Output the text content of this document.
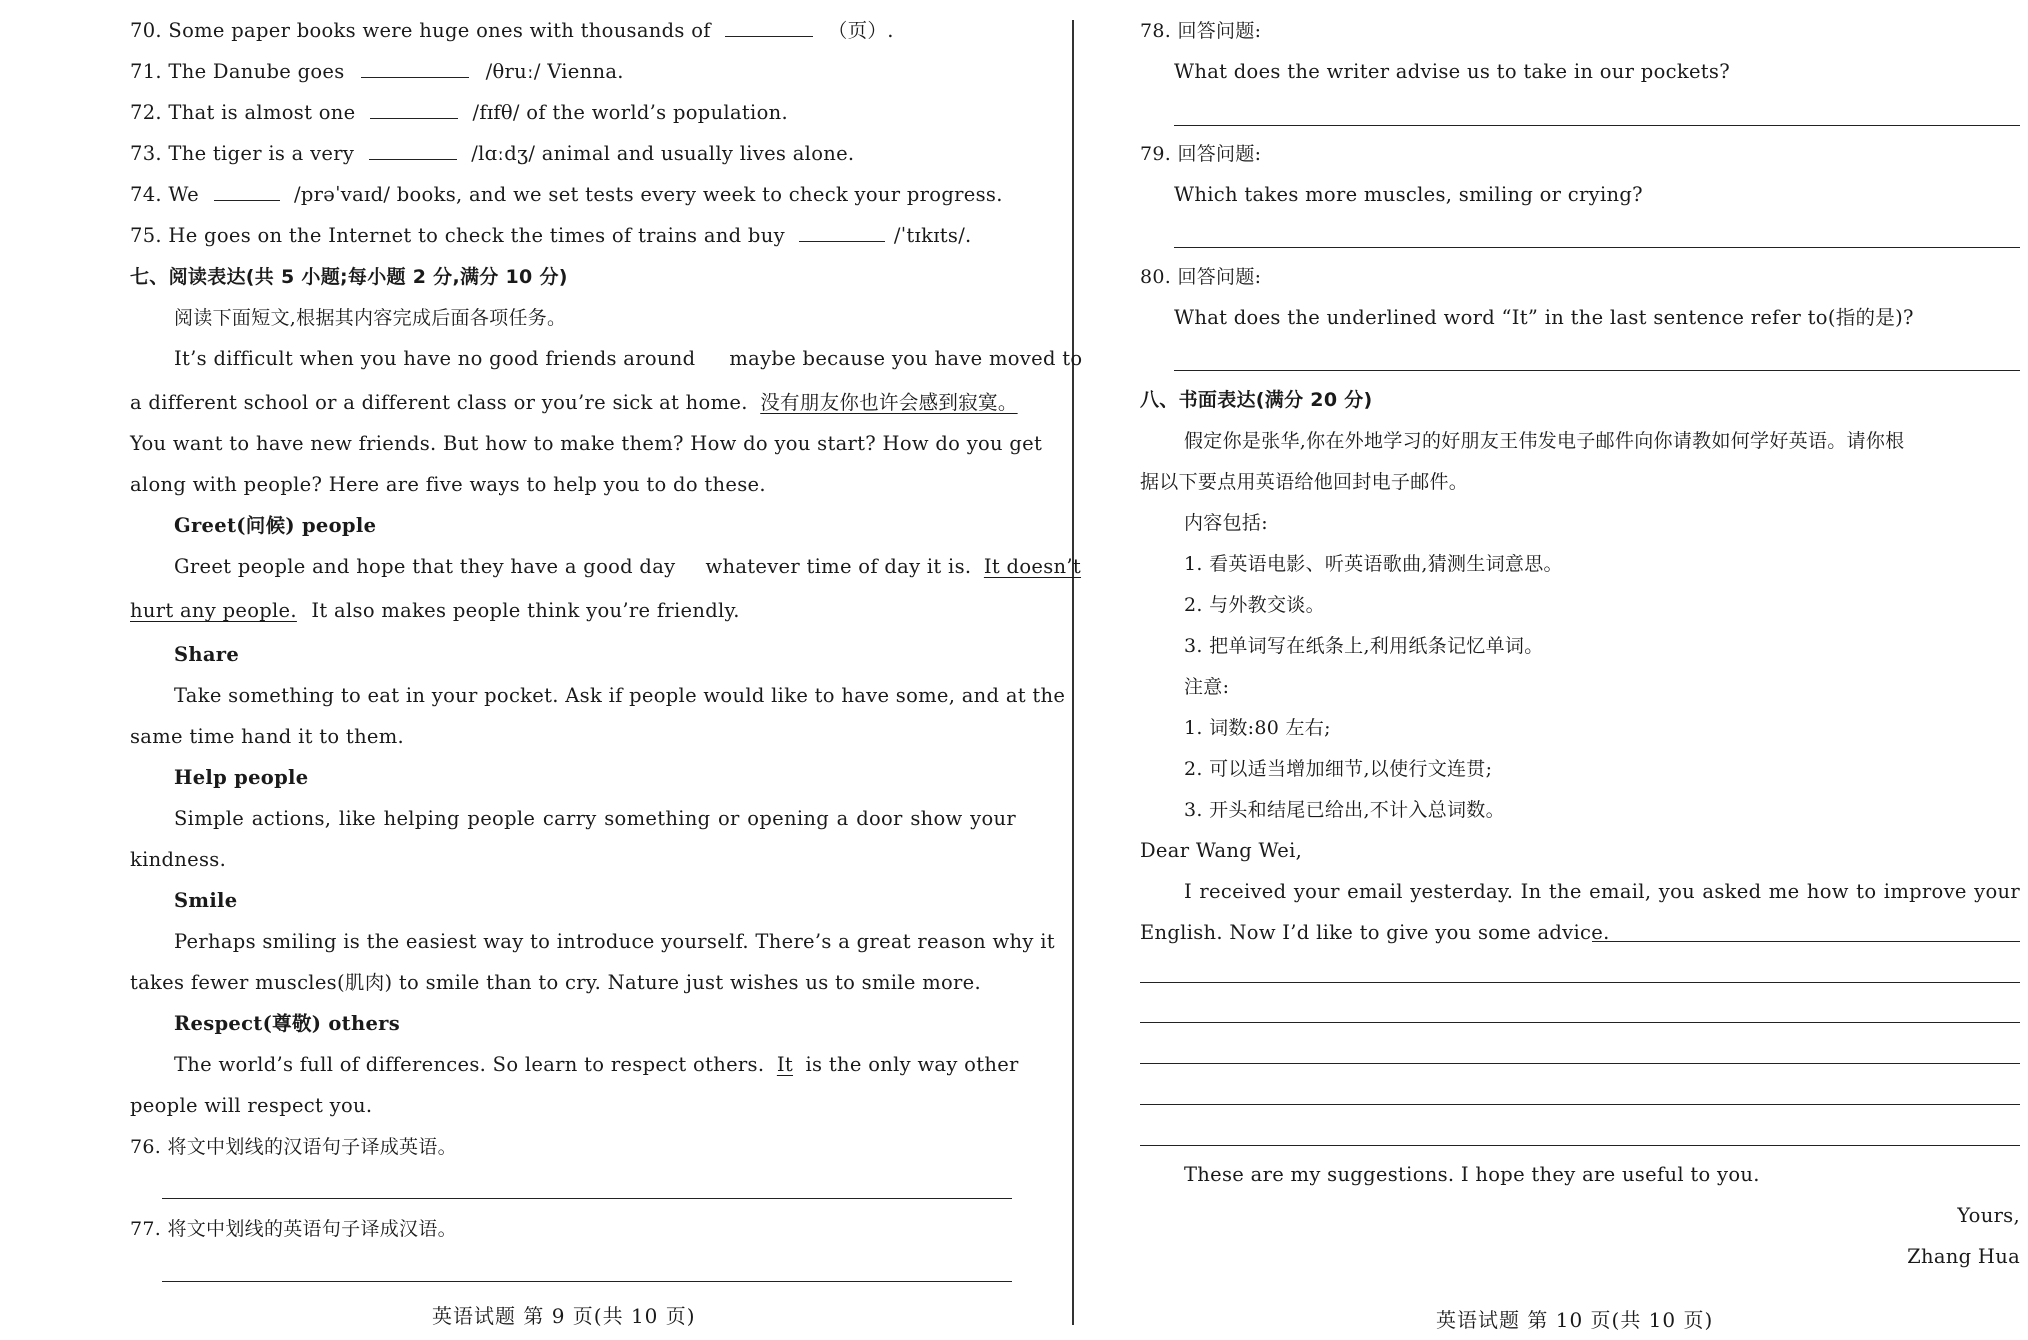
70. Some paper books were huge ones with thousands of	（页）.
71. The Danube goes	/θruː/ Vienna.
72. That is almost one	/fɪfθ/ of the world’s population.
73. The tiger is a very	/lɑːdʒ/ animal and usually lives alone.
74. We	/prəˈvaɪd/ books, and we set tests every week to check your progress.
75. He goes on the Internet to check the times of trains and buy	/ˈtɪkɪts/.
七、阅读表达(共 5 小题;每小题 2 分,满分 10 分)
阅读下面短文,根据其内容完成后面各项任务。
It’s difficult when you have no good friends around maybe because you have moved to
a different school or a different class or you’re sick at home. 没有朋友你也许会感到寂寞。
You want to have new friends. But how to make them? How do you start? How do you get
along with people? Here are five ways to help you to do these.
Greet(问候) people
Greet people and hope that they have a good day whatever time of day it is. It doesn’t
hurt any people. It also makes people think you’re friendly.
Share
Take something to eat in your pocket. Ask if people would like to have some, and at the
same time hand it to them.
Help people
Simple actions, like helping people carry something or opening a door show your
kindness.
Smile
Perhaps smiling is the easiest way to introduce yourself. There’s a great reason why it
takes fewer muscles(肌肉) to smile than to cry. Nature just wishes us to smile more.
Respect(尊敬) others
The world’s full of differences. So learn to respect others. It is the only way other
people will respect you.
76. 将文中划线的汉语句子译成英语。
77. 将文中划线的英语句子译成汉语。
英语试题 第 9 页(共 10 页)
78. 回答问题:
What does the writer advise us to take in our pockets?
79. 回答问题:
Which takes more muscles, smiling or crying?
80. 回答问题:
What does the underlined word “It” in the last sentence refer to(指的是)?
八、书面表达(满分 20 分)
假定你是张华,你在外地学习的好朋友王伟发电子邮件向你请教如何学好英语。请你根
据以下要点用英语给他回封电子邮件。
内容包括:
1. 看英语电影、听英语歌曲,猜测生词意思。
2. 与外教交谈。
3. 把单词写在纸条上,利用纸条记忆单词。
注意:
1. 词数:80 左右;
2. 可以适当增加细节,以使行文连贯;
3. 开头和结尾已给出,不计入总词数。
Dear Wang Wei,
I received your email yesterday. In the email, you asked me how to improve your
English. Now I’d like to give you some advice.
These are my suggestions. I hope they are useful to you.
Yours,
Zhang Hua
英语试题 第 10 页(共 10 页)
